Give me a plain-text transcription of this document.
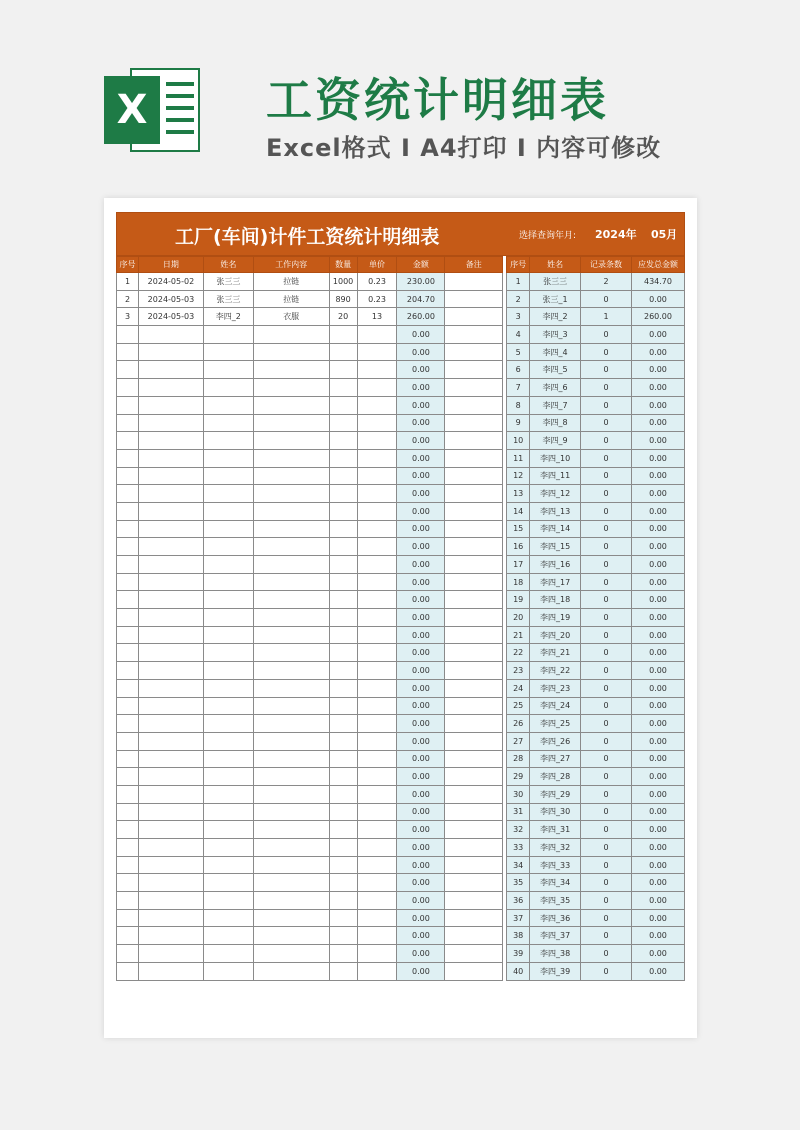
X	工资统计明细表
Excel格式 I A4打印 I 内容可修改
工厂(车间)计件工资统计明细表	选择查询年月: 2024年 05月
序号	日期	姓名	工作内容	数量	单价	金额	备注		序号	姓名	记录条数	应发总金额
1	2024-05-02	张三三	拉链	1000	0.23	230.00			1	张三三	2	434.70
2	2024-05-03	张三三	拉链	890	0.23	204.70			2	张三_1	0	0.00
3	2024-05-03	李四_2	衣服	20	13	260.00			3	李四_2	1	260.00
						0.00			4	李四_3	0	0.00
						0.00			5	李四_4	0	0.00
						0.00			6	李四_5	0	0.00
						0.00			7	李四_6	0	0.00
						0.00			8	李四_7	0	0.00
						0.00			9	李四_8	0	0.00
						0.00			10	李四_9	0	0.00
						0.00			11	李四_10	0	0.00
						0.00			12	李四_11	0	0.00
						0.00			13	李四_12	0	0.00
						0.00			14	李四_13	0	0.00
						0.00			15	李四_14	0	0.00
						0.00			16	李四_15	0	0.00
						0.00			17	李四_16	0	0.00
						0.00			18	李四_17	0	0.00
						0.00			19	李四_18	0	0.00
						0.00			20	李四_19	0	0.00
						0.00			21	李四_20	0	0.00
						0.00			22	李四_21	0	0.00
						0.00			23	李四_22	0	0.00
						0.00			24	李四_23	0	0.00
						0.00			25	李四_24	0	0.00
						0.00			26	李四_25	0	0.00
						0.00			27	李四_26	0	0.00
						0.00			28	李四_27	0	0.00
						0.00			29	李四_28	0	0.00
						0.00			30	李四_29	0	0.00
						0.00			31	李四_30	0	0.00
						0.00			32	李四_31	0	0.00
						0.00			33	李四_32	0	0.00
						0.00			34	李四_33	0	0.00
						0.00			35	李四_34	0	0.00
						0.00			36	李四_35	0	0.00
						0.00			37	李四_36	0	0.00
						0.00			38	李四_37	0	0.00
						0.00			39	李四_38	0	0.00
						0.00			40	李四_39	0	0.00
